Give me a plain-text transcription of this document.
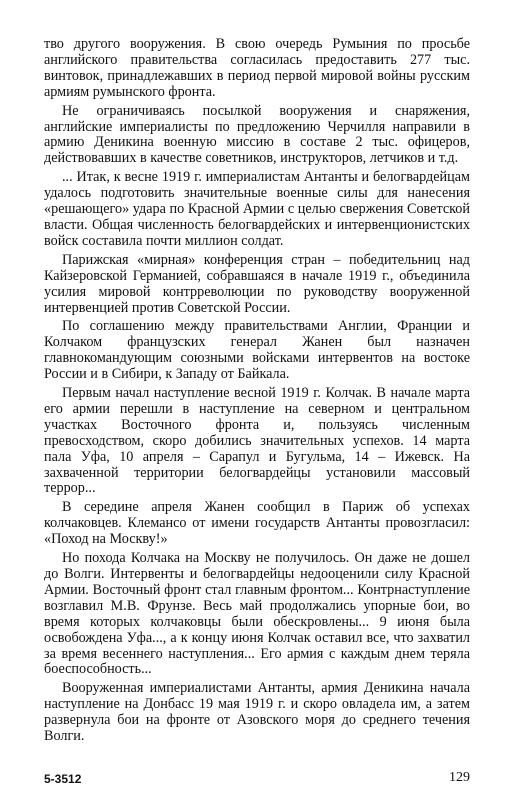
тво другого вооружения. В свою очередь Румыния по просьбе английского правительства согласилась предоставить 277 тыс. винтовок, принадлежавших в период первой мировой войны русским армиям румынского фронта.

Не ограничиваясь посылкой вооружения и снаряжения, английские империалисты по предложению Черчилля направили в армию Деникина военную миссию в составе 2 тыс. офицеров, действовавших в качестве советников, инструкторов, летчиков и т.д.

... Итак, к весне 1919 г. империалистам Антанты и белогвардейцам удалось подготовить значительные военные силы для нанесения «решающего» удара по Красной Армии с целью свержения Советской власти. Общая численность белогвардейских и интервенционистских войск составила почти миллион солдат.

Парижская «мирная» конференция стран – победительниц над Кайзеровской Германией, собравшаяся в начале 1919 г., объединила усилия мировой контрреволюции по руководству вооруженной интервенцией против Советской России.

По соглашению между правительствами Англии, Франции и Колчаком французских генерал Жанен был назначен главнокомандующим союзными войсками интервентов на востоке России и в Сибири, к Западу от Байкала.

Первым начал наступление весной 1919 г. Колчак. В начале марта его армии перешли в наступление на северном и центральном участках Восточного фронта и, пользуясь численным превосходством, скоро добились значительных успехов. 14 марта пала Уфа, 10 апреля – Сарапул и Бугульма, 14 – Ижевск. На захваченной территории белогвардейцы установили массовый террор...

В середине апреля Жанен сообщил в Париж об успехах колчаковцев. Клемансо от имени государств Антанты провозгласил: «Поход на Москву!»

Но похода Колчака на Москву не получилось. Он даже не дошел до Волги. Интервенты и белогвардейцы недооценили силу Красной Армии. Восточный фронт стал главным фронтом... Контрнаступление возглавил М.В. Фрунзе. Весь май продолжались упорные бои, во время которых колчаковцы были обескровлены... 9 июня была освобождена Уфа..., а к концу июня Колчак оставил все, что захватил за время весеннего наступления... Его армия с каждым днем теряла боеспособность...

Вооруженная империалистами Антанты, армия Деникина начала наступление на Донбасс 19 мая 1919 г. и скоро овладела им, а затем развернула бои на фронте от Азовского моря до среднего течения Волги.

5-3512	129
